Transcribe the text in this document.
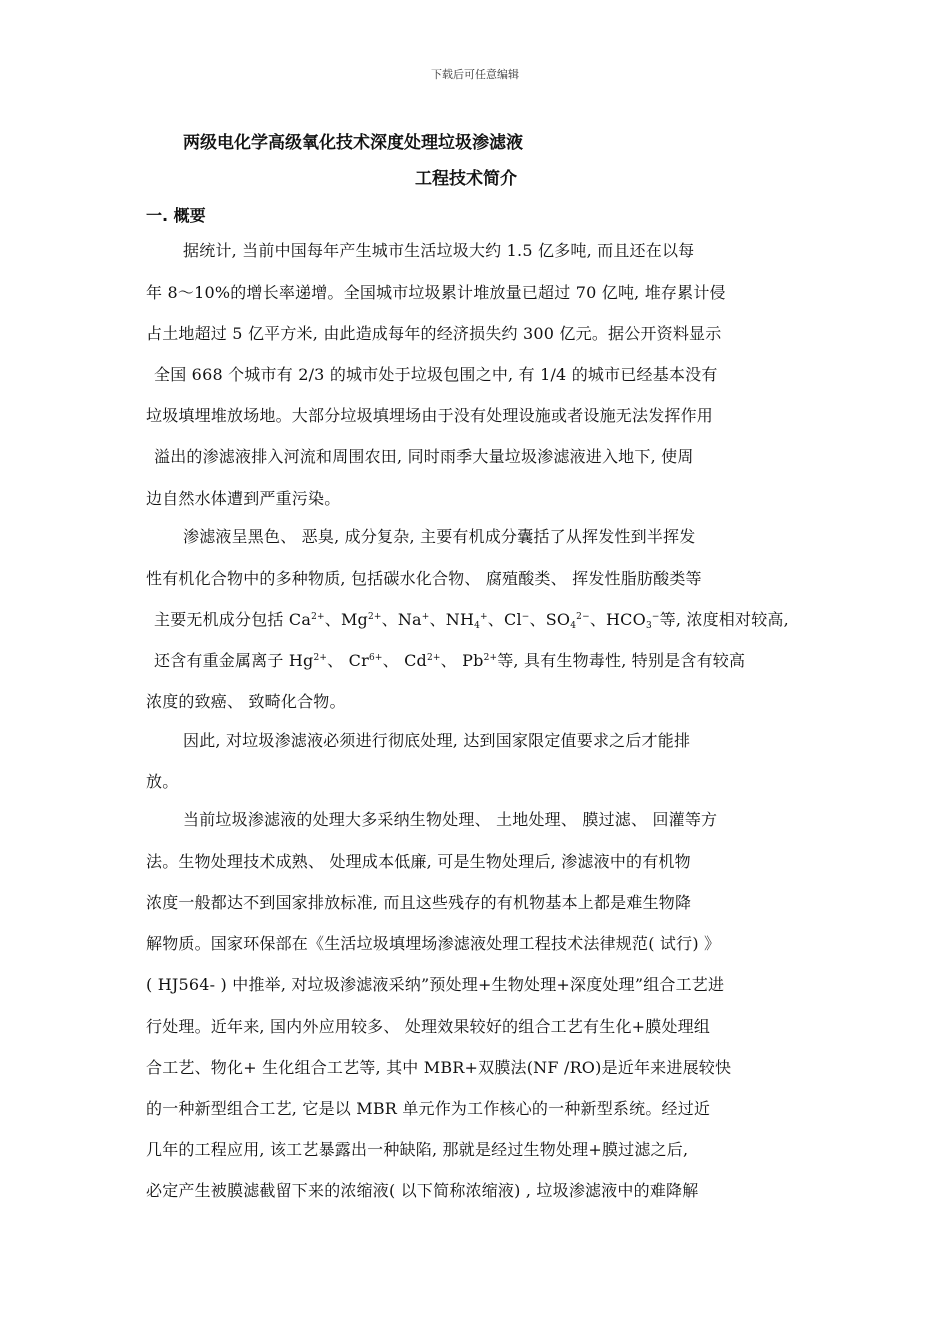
下载后可任意编辑
两级电化学高级氧化技术深度处理垃圾渗滤液
工程技术简介
一. 概要
据统计, 当前中国每年产生城市生活垃圾大约 1.5 亿多吨, 而且还在以每
年 8～10%的增长率递增。全国城市垃圾累计堆放量已超过 70 亿吨, 堆存累计侵
占土地超过 5 亿平方米, 由此造成每年的经济损失约 300 亿元。据公开资料显示
全国 668 个城市有 2/3 的城市处于垃圾包围之中, 有 1/4 的城市已经基本没有
垃圾填埋堆放场地。大部分垃圾填埋场由于没有处理设施或者设施无法发挥作用
溢出的渗滤液排入河流和周围农田, 同时雨季大量垃圾渗滤液进入地下, 使周
边自然水体遭到严重污染。
渗滤液呈黑色、 恶臭, 成分复杂, 主要有机成分囊括了从挥发性到半挥发
性有机化合物中的多种物质, 包括碳水化合物、 腐殖酸类、 挥发性脂肪酸类等
主要无机成分包括 $Ca^{2+}$、$Mg^{2+}$、Na+、$NH_4^+$、Cl−、$SO_4^{2-}$、$HCO_3^-$等, 浓度相对较高,
还含有重金属离子 $Hg^{2+}$、 $Cr^{6+}$、 $Cd^{2+}$、 $Pb^{2+}$等, 具有生物毒性, 特别是含有较高
浓度的致癌、 致畸化合物。
因此, 对垃圾渗滤液必须进行彻底处理, 达到国家限定值要求之后才能排
放。
当前垃圾渗滤液的处理大多采纳生物处理、 土地处理、 膜过滤、 回灌等方
法。生物处理技术成熟、 处理成本低廉, 可是生物处理后, 渗滤液中的有机物
浓度一般都达不到国家排放标准, 而且这些残存的有机物基本上都是难生物降
解物质。国家环保部在《生活垃圾填埋场渗滤液处理工程技术法律规范( 试行) 》
( HJ564- ) 中推举, 对垃圾渗滤液采纳”预处理+生物处理+深度处理”组合工艺进
行处理。近年来, 国内外应用较多、 处理效果较好的组合工艺有生化+膜处理组
合工艺、物化+ 生化组合工艺等, 其中 MBR+双膜法(NF /RO)是近年来进展较快
的一种新型组合工艺, 它是以 MBR 单元作为工作核心的一种新型系统。经过近
几年的工程应用, 该工艺暴露出一种缺陷, 那就是经过生物处理+膜过滤之后,
必定产生被膜滤截留下来的浓缩液( 以下简称浓缩液) , 垃圾渗滤液中的难降解
